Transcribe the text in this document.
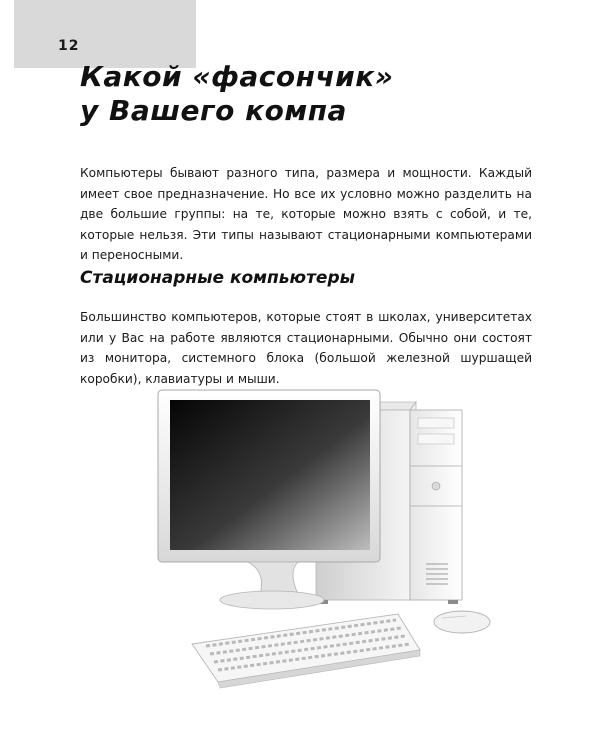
12
Какой «фасончик»
у Вашего компа

Компьютеры бывают разного типа, размера и мощности. Каждый имеет свое предназначение. Но все их условно можно разделить на две большие группы: на те, которые можно взять с собой, и те, которые нельзя. Эти типы называют стационарными компьютерами и переносными.

Стационарные компьютеры

Большинство компьютеров, которые стоят в школах, университетах или у Вас на работе являются стационарными. Обычно они состоят из монитора, системного блока (большой железной шуршащей коробки), клавиатуры и мыши.
